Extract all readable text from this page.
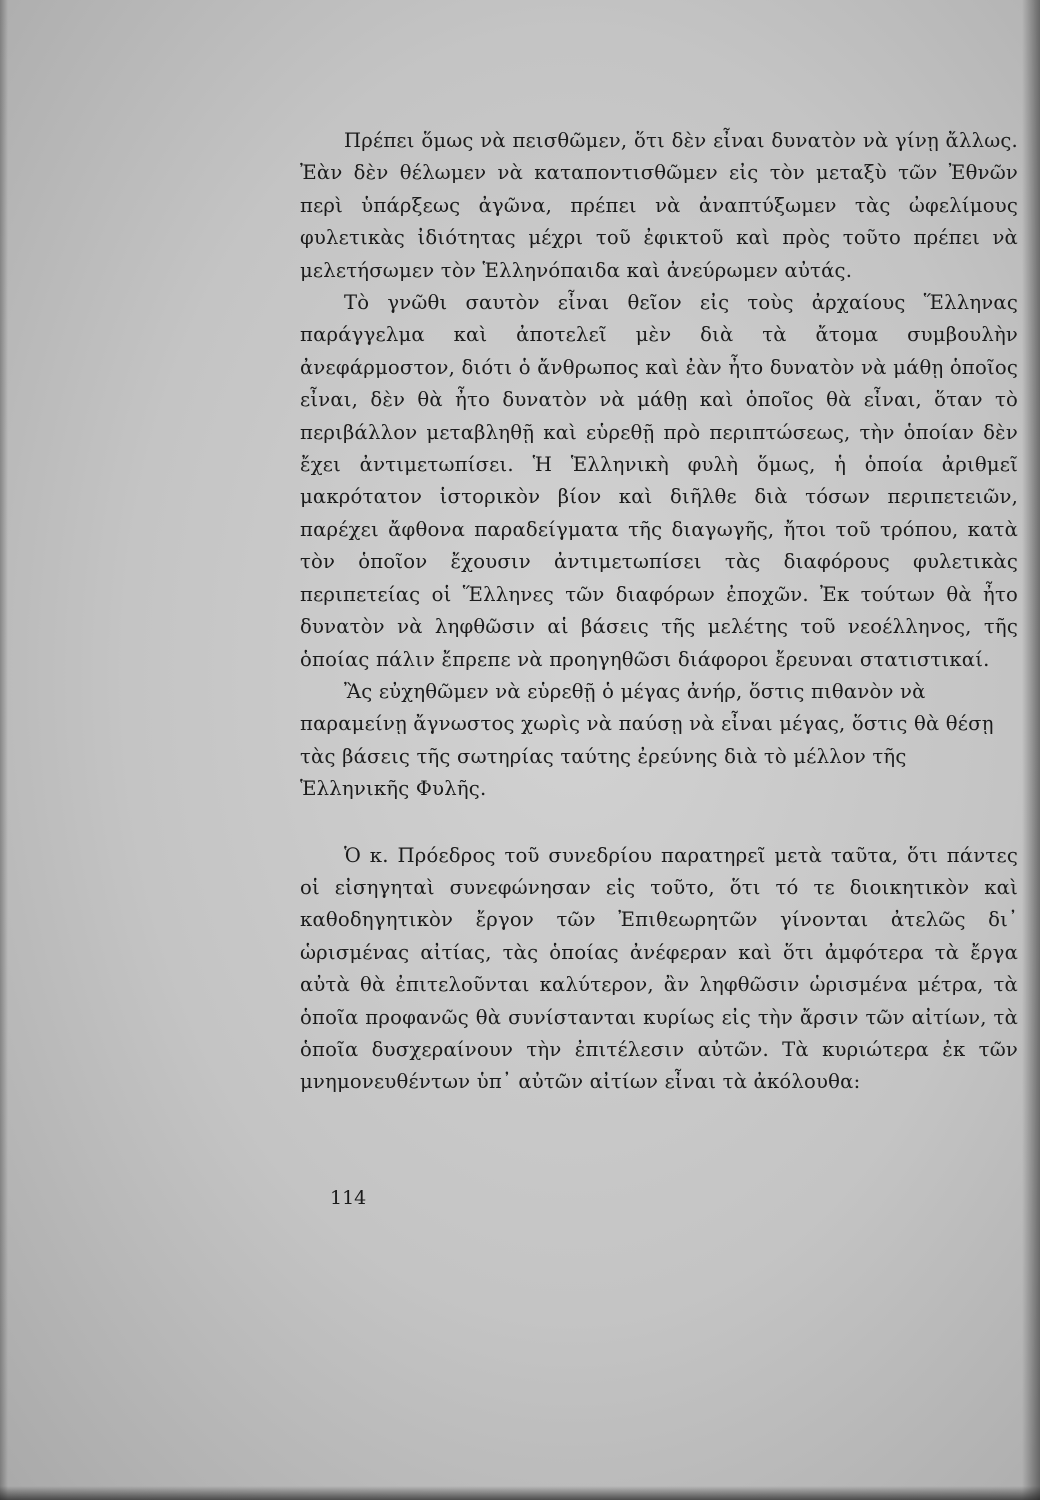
Πρέπει ὅμως νὰ πεισθῶμεν, ὅτι δὲν εἶναι δυνατὸν νὰ γίνῃ ἄλλως. Ἐὰν δὲν θέλωμεν νὰ καταποντισθῶμεν εἰς τὸν μεταξὺ τῶν Ἐθνῶν περὶ ὑπάρξεως ἀγῶνα, πρέπει νὰ ἀναπτύξωμεν τὰς ὠφελίμους φυλετικὰς ἰδιότητας μέχρι τοῦ ἐφικτοῦ καὶ πρὸς τοῦτο πρέπει νὰ μελετήσωμεν τὸν Ἑλληνόπαιδα καὶ ἀνεύρωμεν αὐτάς.

Τὸ γνῶθι σαυτὸν εἶναι θεῖον εἰς τοὺς ἀρχαίους Ἕλληνας παράγγελμα καὶ ἀποτελεῖ μὲν διὰ τὰ ἄτομα συμβουλὴν ἀνεφάρμοστον, διότι ὁ ἄνθρωπος καὶ ἐὰν ἦτο δυνατὸν νὰ μάθῃ ὁποῖος εἶναι, δὲν θὰ ἦτο δυνατὸν νὰ μάθῃ καὶ ὁποῖος θὰ εἶναι, ὅταν τὸ περιβάλλον μεταβληθῇ καὶ εὑρεθῇ πρὸ περιπτώσεως, τὴν ὁποίαν δὲν ἔχει ἀντιμετωπίσει. Ἡ Ἑλληνικὴ φυλὴ ὅμως, ἡ ὁποία ἀριθμεῖ μακρότατον ἱστορικὸν βίον καὶ διῆλθε διὰ τόσων περιπετειῶν, παρέχει ἄφθονα παραδείγματα τῆς διαγωγῆς, ἤτοι τοῦ τρόπου, κατὰ τὸν ὁποῖον ἔχουσιν ἀντιμετωπίσει τὰς διαφόρους φυλετικὰς περιπετείας οἱ Ἕλληνες τῶν διαφόρων ἐποχῶν. Ἐκ τούτων θὰ ἦτο δυνατὸν νὰ ληφθῶσιν αἱ βάσεις τῆς μελέτης τοῦ νεοέλληνος, τῆς ὁποίας πάλιν ἔπρεπε νὰ προηγηθῶσι διάφοροι ἔρευναι στατιστικαί.

Ἂς εὐχηθῶμεν νὰ εὑρεθῇ ὁ μέγας ἀνήρ, ὅστις πιθανὸν νὰ παραμείνῃ ἄγνωστος χωρὶς νὰ παύσῃ νὰ εἶναι μέγας, ὅστις θὰ θέσῃ τὰς βάσεις τῆς σωτηρίας ταύτης ἐρεύνης διὰ τὸ μέλλον τῆς Ἑλληνικῆς Φυλῆς.

Ὁ κ. Πρόεδρος τοῦ συνεδρίου παρατηρεῖ μετὰ ταῦτα, ὅτι πάντες οἱ εἰσηγηταὶ συνεφώνησαν εἰς τοῦτο, ὅτι τό τε διοικητικὸν καὶ καθοδηγητικὸν ἔργον τῶν Ἐπιθεωρητῶν γίνονται ἀτελῶς δι᾿ ὡρισμένας αἰτίας, τὰς ὁποίας ἀνέφεραν καὶ ὅτι ἀμφότερα τὰ ἔργα αὐτὰ θὰ ἐπιτελοῦνται καλύτερον, ἂν ληφθῶσιν ὡρισμένα μέτρα, τὰ ὁποῖα προφανῶς θὰ συνίστανται κυρίως εἰς τὴν ἄρσιν τῶν αἰτίων, τὰ ὁποῖα δυσχεραίνουν τὴν ἐπιτέλεσιν αὐτῶν. Τὰ κυριώτερα ἐκ τῶν μνημονευθέντων ὑπ᾿ αὐτῶν αἰτίων εἶναι τὰ ἀκόλουθα:

114
